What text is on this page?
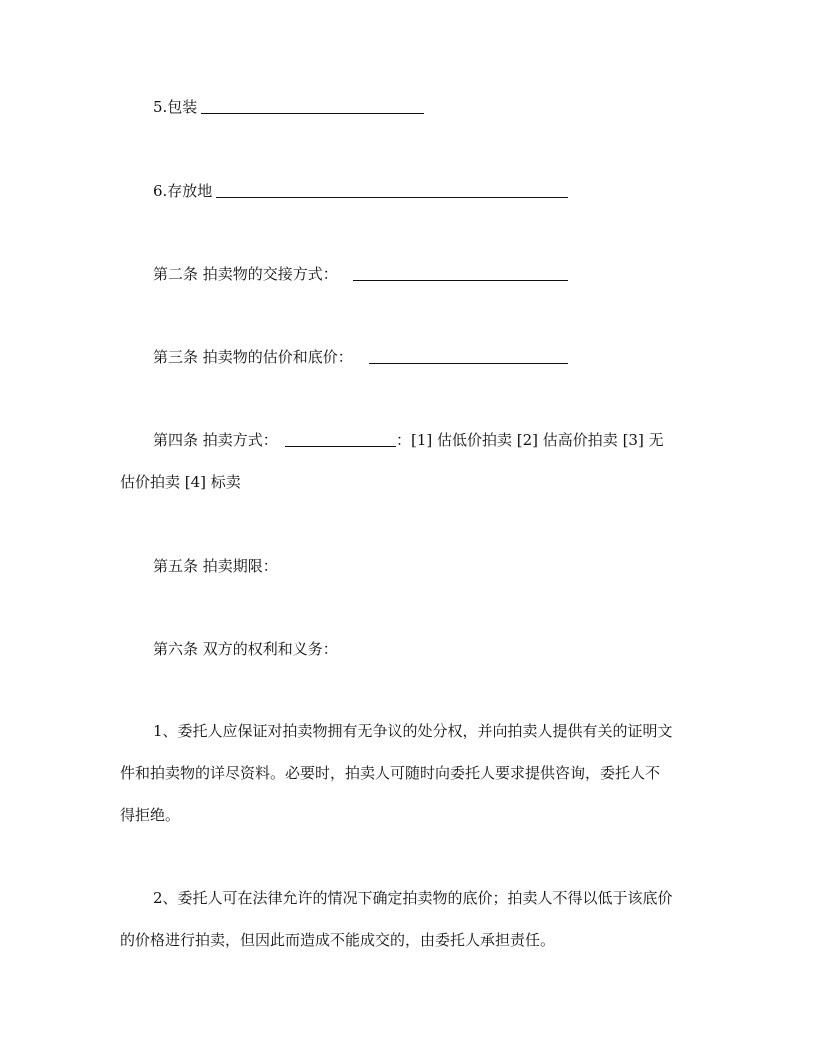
5.包装
6.存放地
第二条 拍卖物的交接方式：
第三条 拍卖物的估价和底价：
第四条 拍卖方式：	：[1] 估低价拍卖 [2] 估高价拍卖 [3] 无
估价拍卖 [4] 标卖
第五条 拍卖期限：
第六条 双方的权利和义务：
1、委托人应保证对拍卖物拥有无争议的处分权，并向拍卖人提供有关的证明文
件和拍卖物的详尽资料。必要时，拍卖人可随时向委托人要求提供咨询，委托人不
得拒绝。
2、委托人可在法律允许的情况下确定拍卖物的底价；拍卖人不得以低于该底价
的价格进行拍卖，但因此而造成不能成交的，由委托人承担责任。
